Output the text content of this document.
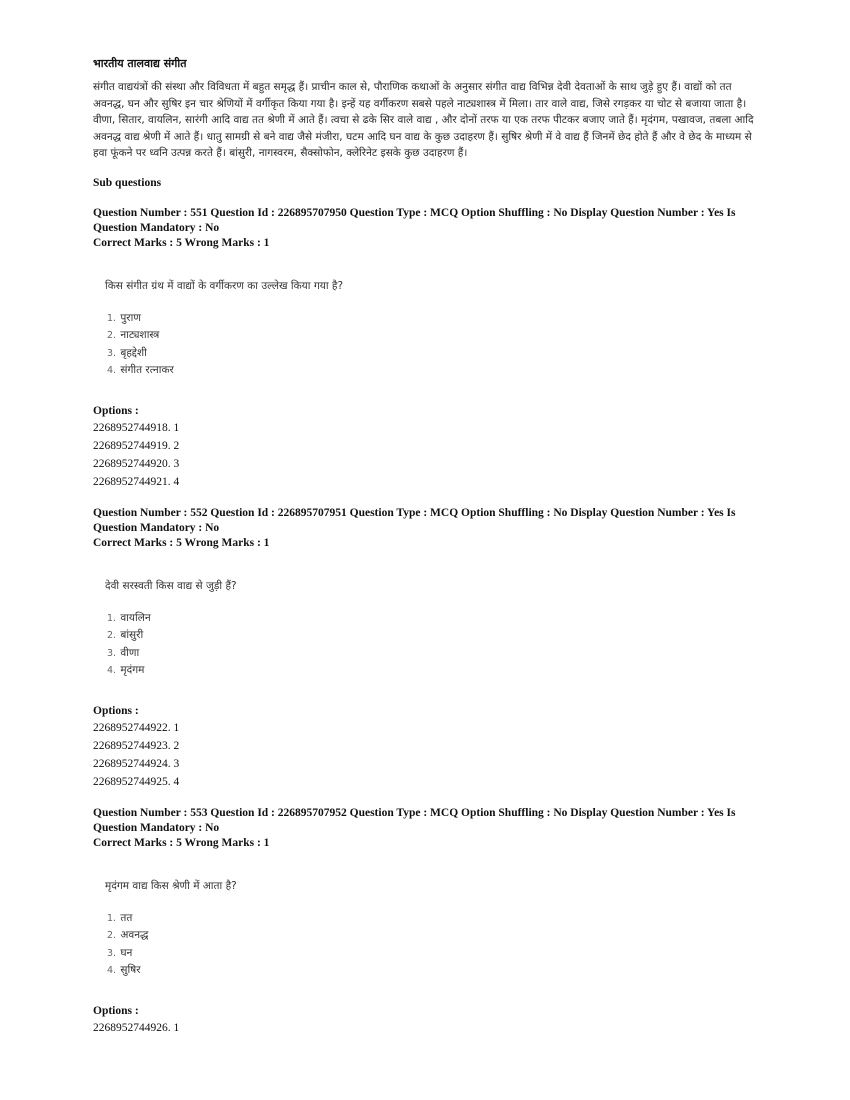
भारतीय तालवाद्य संगीत

संगीत वाद्ययंत्रों की संस्था और विविधता में बहुत समृद्ध हैं। प्राचीन काल से, पौराणिक कथाओं के अनुसार संगीत वाद्य विभिन्न देवी देवताओं के साथ जुड़े हुए हैं। वाद्यों को तत अवनद्ध, घन और सुषिर इन चार श्रेणियों में वर्गीकृत किया गया है। इन्हें यह वर्गीकरण सबसे पहले नाट्यशास्त्र में मिला। तार वाले वाद्य, जिसे रगड़कर या चोट से बजाया जाता है। वीणा, सितार, वायलिन, सारंगी आदि वाद्य तत श्रेणी में आते हैं। त्वचा से ढके सिर वाले वाद्य , और दोनों तरफ या एक तरफ पीटकर बजाए जाते हैं। मृदंगम, पखावज, तबला आदि अवनद्ध वाद्य श्रेणी में आते हैं। धातु सामग्री से बने वाद्य जैसे मंजीरा, घटम आदि घन वाद्य के कुछ उदाहरण हैं। सुषिर श्रेणी में वे वाद्य हैं जिनमें छेद होते हैं और वे छेद के माध्यम से हवा फूंकने पर ध्वनि उत्पन्न करते हैं। बांसुरी, नागस्वरम, सैक्सोफोन, क्लेरिनेट इसके कुछ उदाहरण हैं।

Sub questions
Question Number : 551 Question Id : 226895707950 Question Type : MCQ Option Shuffling : No Display Question Number : Yes Is
Question Mandatory : No
Correct Marks : 5 Wrong Marks : 1
किस संगीत ग्रंथ में वाद्यों के वर्गीकरण का उल्लेख किया गया है?
1. पुराण
2. नाट्यशास्त्र
3. बृहद्देशी
4. संगीत रत्नाकर
Options :
2268952744918. 1
2268952744919. 2
2268952744920. 3
2268952744921. 4
Question Number : 552 Question Id : 226895707951 Question Type : MCQ Option Shuffling : No Display Question Number : Yes Is
Question Mandatory : No
Correct Marks : 5 Wrong Marks : 1
देवी सरस्वती किस वाद्य से जुड़ी हैं?
1. वायलिन
2. बांसुरी
3. वीणा
4. मृदंगम
Options :
2268952744922. 1
2268952744923. 2
2268952744924. 3
2268952744925. 4
Question Number : 553 Question Id : 226895707952 Question Type : MCQ Option Shuffling : No Display Question Number : Yes Is
Question Mandatory : No
Correct Marks : 5 Wrong Marks : 1
मृदंगम वाद्य किस श्रेणी में आता है?
1. तत
2. अवनद्ध
3. घन
4. सुषिर
Options :
2268952744926. 1
